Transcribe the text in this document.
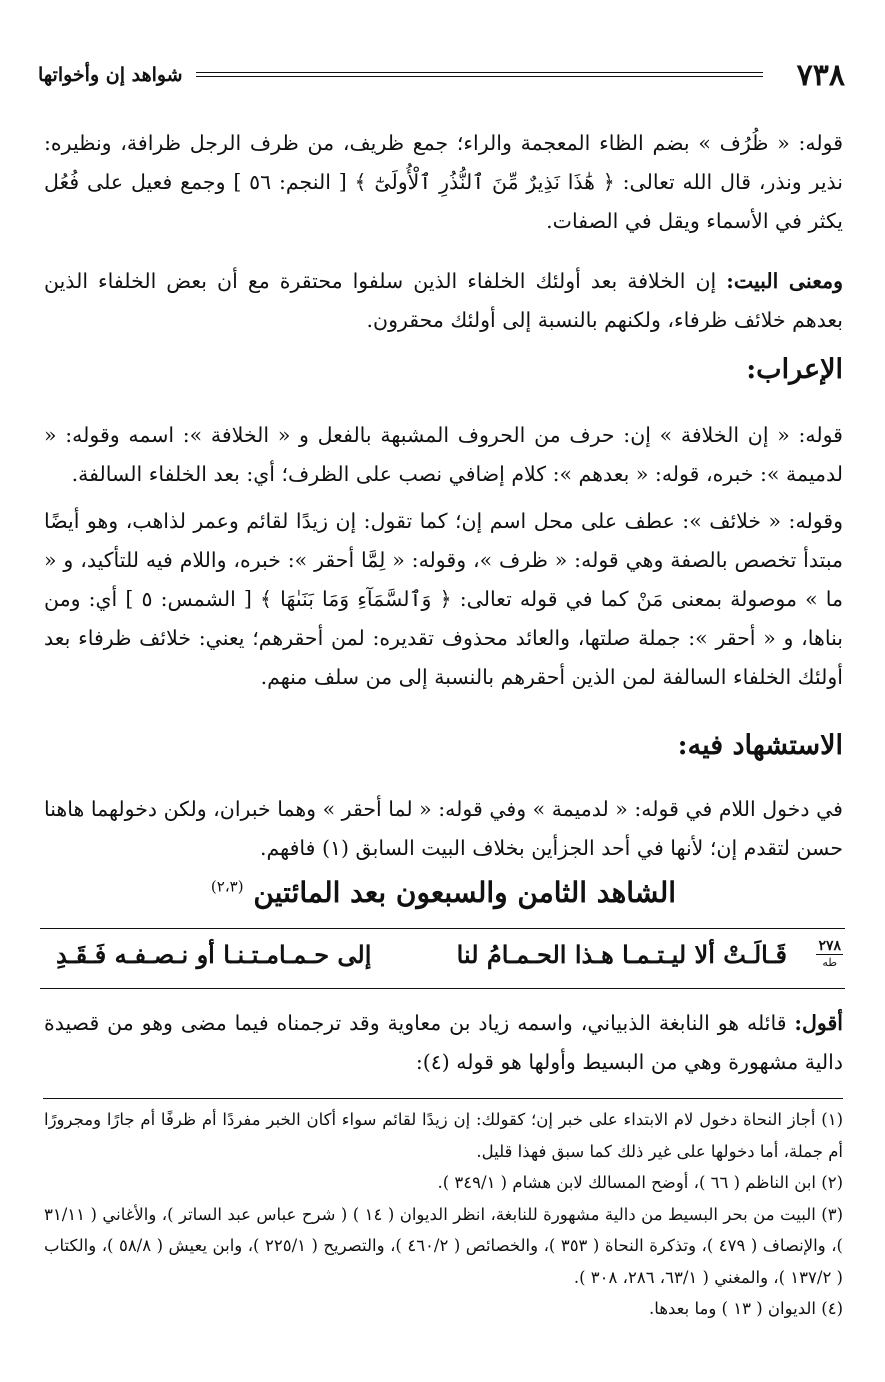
شواهد إن وأخواتها	٧٣٨

قوله: « ظُرُف » بضم الظاء المعجمة والراء؛ جمع ظريف، من ظرف الرجل ظرافة، ونظيره: نذير ونذر، قال الله تعالى: ﴿ هَٰذَا نَذِيرٌ مِّنَ ٱلنُّذُرِ ٱلْأُولَىٰٓ ﴾ [ النجم: ٥٦ ] وجمع فعيل على فُعُل يكثر في الأسماء ويقل في الصفات.

ومعنى البيت: إن الخلافة بعد أولئك الخلفاء الذين سلفوا محتقرة مع أن بعض الخلفاء الذين بعدهم خلائف ظرفاء، ولكنهم بالنسبة إلى أولئك محقرون.

الإعراب:

قوله: « إن الخلافة » إن: حرف من الحروف المشبهة بالفعل و « الخلافة »: اسمه وقوله: « لدميمة »: خبره، قوله: « بعدهم »: كلام إضافي نصب على الظرف؛ أي: بعد الخلفاء السالفة.

وقوله: « خلائف »: عطف على محل اسم إن؛ كما تقول: إن زيدًا لقائم وعمر لذاهب، وهو أيضًا مبتدأ تخصص بالصفة وهي قوله: « ظرف »، وقوله: « لِمَّا أحقر »: خبره، واللام فيه للتأكيد، و « ما » موصولة بمعنى مَنْ كما في قوله تعالى: ﴿ وَٱلسَّمَآءِ وَمَا بَنَىٰهَا ﴾ [ الشمس: ٥ ] أي: ومن بناها، و « أحقر »: جملة صلتها، والعائد محذوف تقديره: لمن أحقرهم؛ يعني: خلائف ظرفاء بعد أولئك الخلفاء السالفة لمن الذين أحقرهم بالنسبة إلى من سلف منهم.

الاستشهاد فيه:

في دخول اللام في قوله: « لدميمة » وفي قوله: « لما أحقر » وهما خبران، ولكن دخولهما هاهنا حسن لتقدم إن؛ لأنها في أحد الجزأين بخلاف البيت السابق (١) فافهم.

الشاهد الثامن والسبعون بعد المائتين $^{(٢،٣)}$
٢٧٨
طه
قَـالَـتْ ألا ليـتـمـا هـذا الحـمـامُ لنا
إلى حـمـامـتـنـا أو نـصـفـه فَـقَـدِ

أقول: قائله هو النابغة الذبياني، واسمه زياد بن معاوية وقد ترجمناه فيما مضى وهو من قصيدة دالية مشهورة وهي من البسيط وأولها هو قوله (٤):

(١) أجاز النحاة دخول لام الابتداء على خبر إن؛ كقولك: إن زيدًا لقائم سواء أكان الخبر مفردًا أم ظرفًا أم جارًا ومجرورًا أم جملة، أما دخولها على غير ذلك كما سبق فهذا قليل.

(٢) ابن الناظم ( ٦٦ )، أوضح المسالك لابن هشام ( ٣٤٩/١ ).

(٣) البيت من بحر البسيط من دالية مشهورة للنابغة، انظر الديوان ( ١٤ ) ( شرح عباس عبد الساتر )، والأغاني ( ٣١/١١ )، والإنصاف ( ٤٧٩ )، وتذكرة النحاة ( ٣٥٣ )، والخصائص ( ٤٦٠/٢ )، والتصريح ( ٢٢٥/١ )، وابن يعيش ( ٥٨/٨ )، والكتاب ( ١٣٧/٢ )، والمغني ( ٦٣/١، ٢٨٦، ٣٠٨ ).

(٤) الديوان ( ١٣ ) وما بعدها.
